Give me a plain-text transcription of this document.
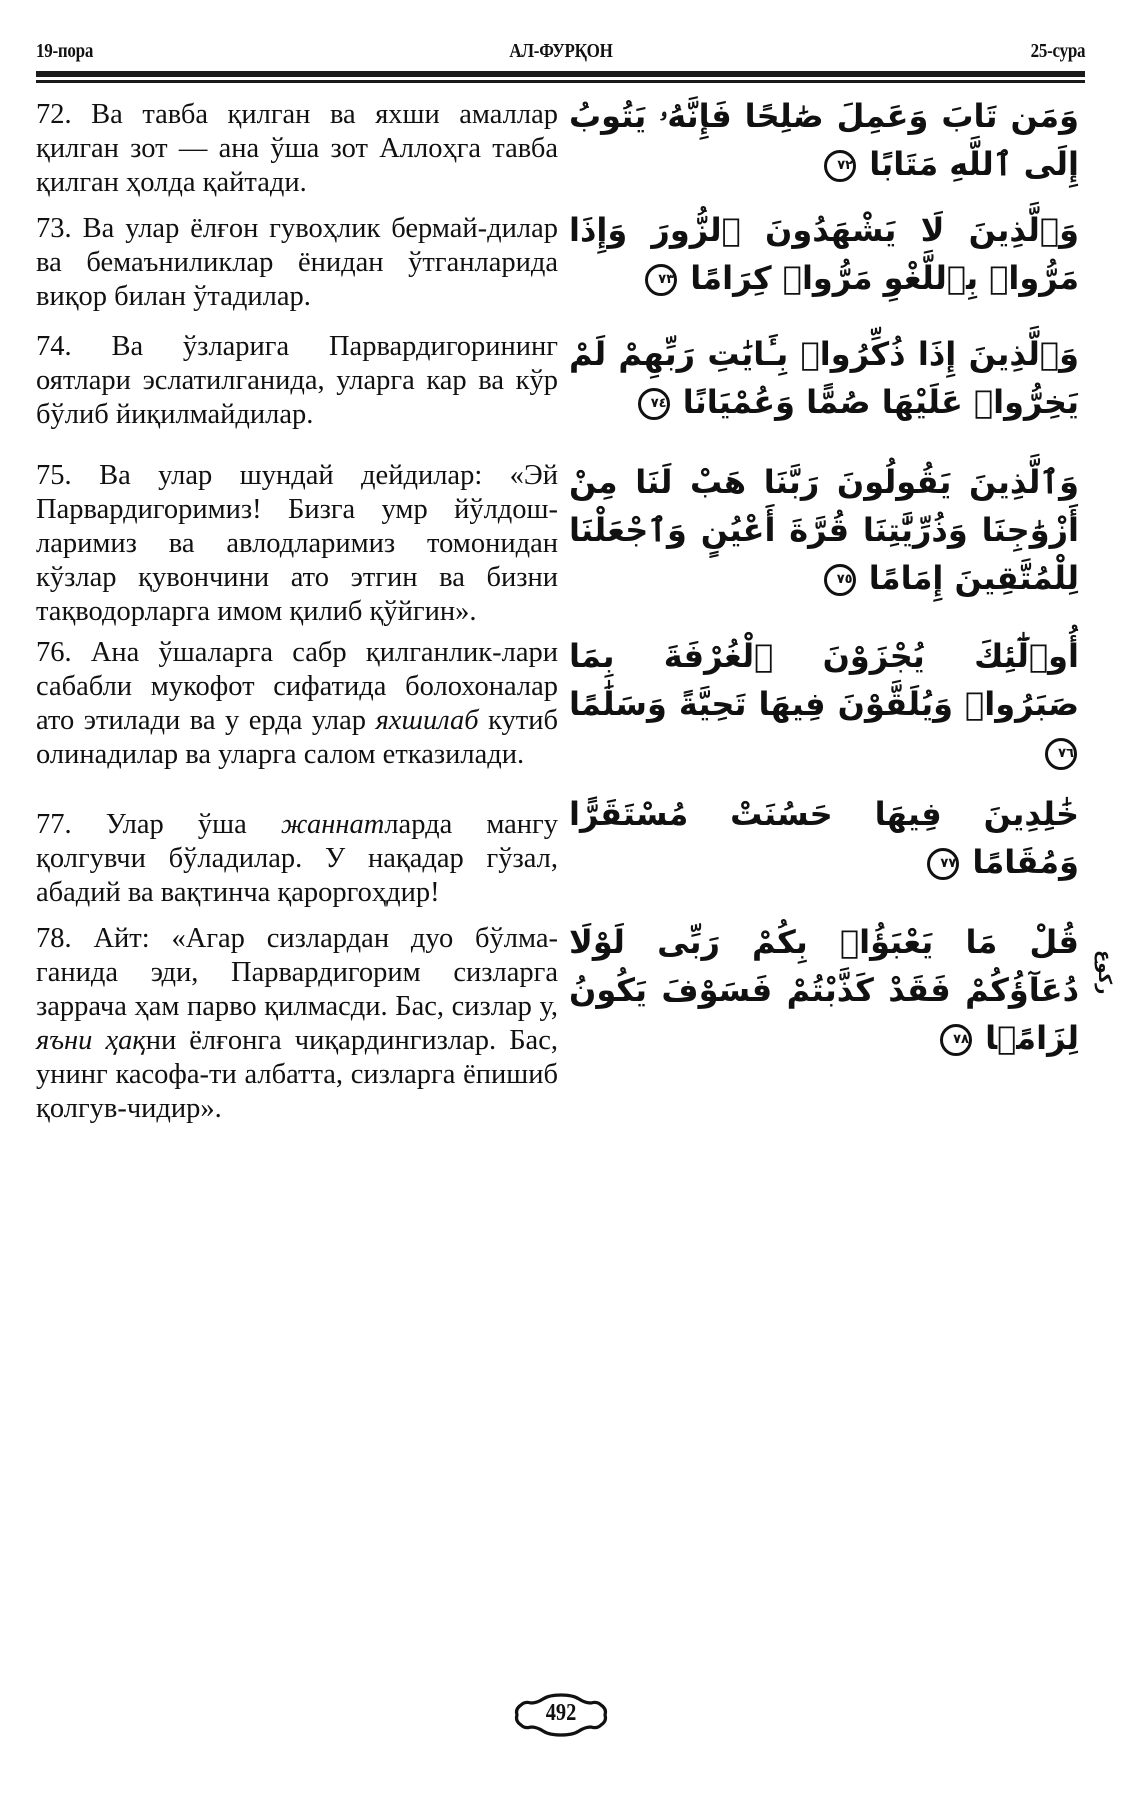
19-пора	АЛ-ФУРҚОН	25-сура

72. Ва тавба қилган ва яхши амаллар қилган зот — ана ўша зот Аллоҳга тавба қилган ҳолда қайтади.

وَمَن تَابَ وَعَمِلَ صَٰلِحًا فَإِنَّهُۥ يَتُوبُ إِلَى ٱللَّهِ مَتَابًا ٧٢

73. Ва улар ёлғон гувоҳлик бермай-дилар ва бемаъниликлар ёнидан ўтганларида виқор билан ўтадилар.

وَٱلَّذِينَ لَا يَشْهَدُونَ ٱلزُّورَ وَإِذَا مَرُّوا۟ بِٱللَّغْوِ مَرُّوا۟ كِرَامًا ٧٣

74. Ва ўзларига Парвардигорининг оятлари эслатилганида, уларга кар ва кўр бўлиб йиқилмайдилар.

وَٱلَّذِينَ إِذَا ذُكِّرُوا۟ بِـَٔايَٰتِ رَبِّهِمْ لَمْ يَخِرُّوا۟ عَلَيْهَا صُمًّا وَعُمْيَانًا ٧٤

75. Ва улар шундай дейдилар: «Эй Парвардигоримиз! Бизга умр йўлдош-ларимиз ва авлодларимиз томонидан кўзлар қувончини ато этгин ва бизни тақводорларга имом қилиб қўйгин».

وَٱلَّذِينَ يَقُولُونَ رَبَّنَا هَبْ لَنَا مِنْ أَزْوَٰجِنَا وَذُرِّيَّٰتِنَا قُرَّةَ أَعْيُنٍ وَٱجْعَلْنَا لِلْمُتَّقِينَ إِمَامًا ٧٥

76. Ана ўшаларга сабр қилганлик-лари сабабли мукофот сифатида болохоналар ато этилади ва у ерда улар яхшилаб кутиб олинадилар ва уларга салом етказилади.

أُو۟لَٰٓئِكَ يُجْزَوْنَ ٱلْغُرْفَةَ بِمَا صَبَرُوا۟ وَيُلَقَّوْنَ فِيهَا تَحِيَّةً وَسَلَٰمًا ٧٦

77. Улар ўша жаннатларда мангу қолгувчи бўладилар. У нақадар гўзал, абадий ва вақтинча қароргоҳдир!

خَٰلِدِينَ فِيهَا حَسُنَتْ مُسْتَقَرًّا وَمُقَامًا ٧٧

78. Айт: «Агар сизлардан дуо бўлма-ганида эди, Парвардигорим сизларга заррача ҳам парво қилмасди. Бас, сизлар у, яъни ҳақни ёлғонга чиқардингизлар. Бас, унинг касофа-ти албатта, сизларга ёпишиб қолгув-чидир».

قُلْ مَا يَعْبَؤُا۟ بِكُمْ رَبِّى لَوْلَا دُعَآؤُكُمْ فَقَدْ كَذَّبْتُمْ فَسَوْفَ يَكُونُ لِزَامًۢا ٧٨
ركوع
492
